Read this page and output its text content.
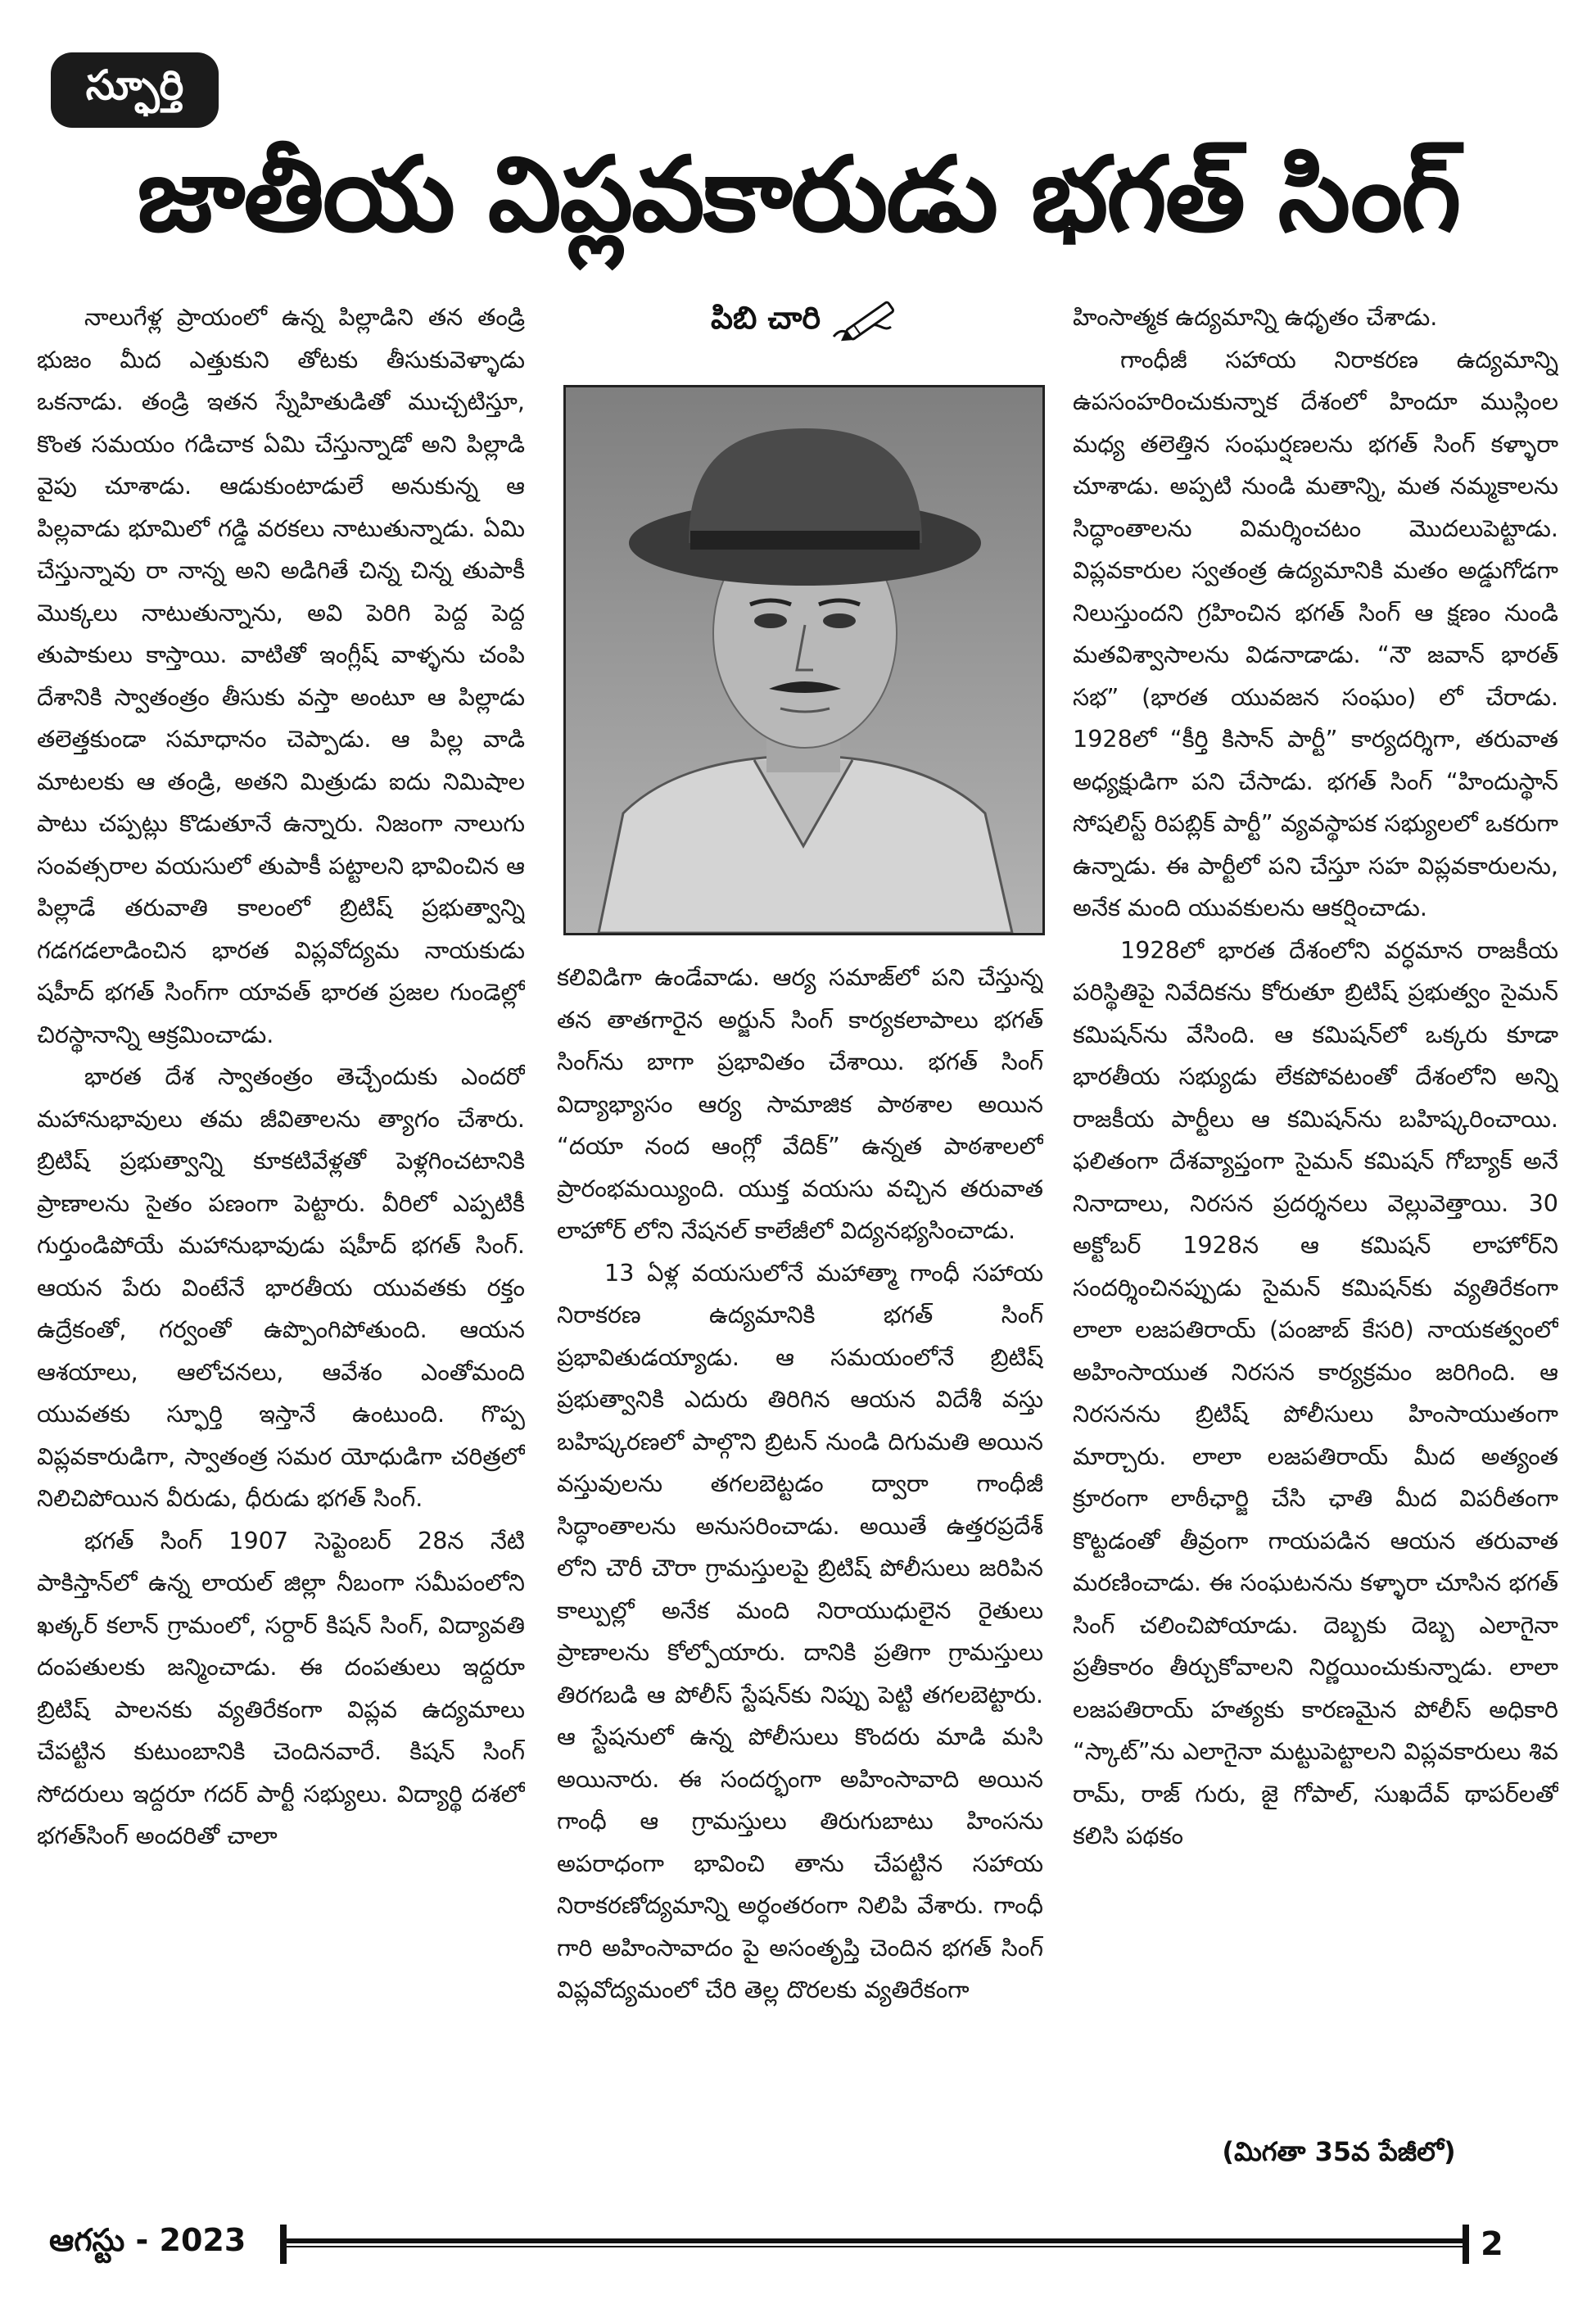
స్ఫూర్తి
జాతీయ విప్లవకారుడు భగత్ సింగ్
పిబి చారి

నాలుగేళ్ల ప్రాయంలో ఉన్న పిల్లాడిని తన తండ్రి భుజం మీద ఎత్తుకుని తోటకు తీసుకువెళ్ళాడు ఒకనాడు. తండ్రి ఇతన స్నేహితుడితో ముచ్చటిస్తూ, కొంత సమయం గడిచాక ఏమి చేస్తున్నాడో అని పిల్లాడి వైపు చూశాడు. ఆడుకుంటాడులే అనుకున్న ఆ పిల్లవాడు భూమిలో గడ్డి వరకలు నాటుతున్నాడు. ఏమి చేస్తున్నావు రా నాన్న అని అడిగితే చిన్న చిన్న తుపాకీ మొక్కలు నాటుతున్నాను, అవి పెరిగి పెద్ద పెద్ద తుపాకులు కాస్తాయి. వాటితో ఇంగ్లీష్ వాళ్ళను చంపి దేశానికి స్వాతంత్రం తీసుకు వస్తా అంటూ ఆ పిల్లాడు తలెత్తకుండా సమాధానం చెప్పాడు. ఆ పిల్ల వాడి మాటలకు ఆ తండ్రి, అతని మిత్రుడు ఐదు నిమిషాల పాటు చప్పట్లు కొడుతూనే ఉన్నారు. నిజంగా నాలుగు సంవత్సరాల వయసులో తుపాకీ పట్టాలని భావించిన ఆ పిల్లాడే తరువాతి కాలంలో బ్రిటిష్ ప్రభుత్వాన్ని గడగడలాడించిన భారత విప్లవోద్యమ నాయకుడు షహీద్ భగత్ సింగ్‌గా యావత్ భారత ప్రజల గుండెల్లో చిరస్థానాన్ని ఆక్రమించాడు.

భారత దేశ స్వాతంత్రం తెచ్చేందుకు ఎందరో మహానుభావులు తమ జీవితాలను త్యాగం చేశారు. బ్రిటిష్ ప్రభుత్వాన్ని కూకటివేళ్లతో పెళ్లగించటానికి ప్రాణాలను సైతం పణంగా పెట్టారు. వీరిలో ఎప్పటికీ గుర్తుండిపోయే మహానుభావుడు షహీద్ భగత్ సింగ్. ఆయన పేరు వింటేనే భారతీయ యువతకు రక్తం ఉద్రేకంతో, గర్వంతో ఉప్పొంగిపోతుంది. ఆయన ఆశయాలు, ఆలోచనలు, ఆవేశం ఎంతోమంది యువతకు స్ఫూర్తి ఇస్తానే ఉంటుంది. గొప్ప విప్లవకారుడిగా, స్వాతంత్ర సమర యోధుడిగా చరిత్రలో నిలిచిపోయిన వీరుడు, ధీరుడు భగత్ సింగ్.

భగత్ సింగ్ 1907 సెప్టెంబర్ 28న నేటి పాకిస్తాన్‌లో ఉన్న లాయల్ జిల్లా నీబంగా సమీపంలోని ఖత్కర్ కలాన్ గ్రామంలో, సర్దార్ కిషన్ సింగ్, విద్యావతి దంపతులకు జన్మించాడు. ఈ దంపతులు ఇద్దరూ బ్రిటిష్ పాలనకు వ్యతిరేకంగా విప్లవ ఉద్యమాలు చేపట్టిన కుటుంబానికి చెందినవారే. కిషన్ సింగ్ సోదరులు ఇద్దరూ గదర్ పార్టీ సభ్యులు. విద్యార్థి దశలో భగత్‌సింగ్ అందరితో చాలా

కలివిడిగా ఉండేవాడు. ఆర్య సమాజ్‌లో పని చేస్తున్న తన తాతగారైన అర్జున్ సింగ్ కార్యకలాపాలు భగత్ సింగ్‌ను బాగా ప్రభావితం చేశాయి. భగత్ సింగ్ విద్యాభ్యాసం ఆర్య సామాజిక పాఠశాల అయిన “దయా నంద ఆంగ్లో వేదిక్” ఉన్నత పాఠశాలలో ప్రారంభమయ్యింది. యుక్త వయసు వచ్చిన తరువాత లాహోర్ లోని నేషనల్ కాలేజీలో విద్యనభ్యసించాడు.

13 ఏళ్ల వయసులోనే మహాత్మా గాంధీ సహాయ నిరాకరణ ఉద్యమానికి భగత్ సింగ్ ప్రభావితుడయ్యాడు. ఆ సమయంలోనే బ్రిటిష్ ప్రభుత్వానికి ఎదురు తిరిగిన ఆయన విదేశీ వస్తు బహిష్కరణలో పాల్గొని బ్రిటన్ నుండి దిగుమతి అయిన వస్తువులను తగలబెట్టడం ద్వారా గాంధీజీ సిద్ధాంతాలను అనుసరించాడు. అయితే ఉత్తరప్రదేశ్ లోని చౌరీ చౌరా గ్రామస్తులపై బ్రిటిష్ పోలీసులు జరిపిన కాల్పుల్లో అనేక మంది నిరాయుధులైన రైతులు ప్రాణాలను కోల్పోయారు. దానికి ప్రతిగా గ్రామస్తులు తిరగబడి ఆ పోలీస్ స్టేషన్‌కు నిప్పు పెట్టి తగలబెట్టారు. ఆ స్టేషనులో ఉన్న పోలీసులు కొందరు మాడి మసి అయినారు. ఈ సందర్భంగా అహింసావాది అయిన గాంధీ ఆ గ్రామస్తులు తిరుగుబాటు హింసను అపరాధంగా భావించి తాను చేపట్టిన సహాయ నిరాకరణోద్యమాన్ని అర్ధంతరంగా నిలిపి వేశారు. గాంధీ గారి అహింసావాదం పై అసంతృప్తి చెందిన భగత్ సింగ్ విప్లవోద్యమంలో చేరి తెల్ల దొరలకు వ్యతిరేకంగా

హింసాత్మక ఉద్యమాన్ని ఉధృతం చేశాడు.

గాంధీజీ సహాయ నిరాకరణ ఉద్యమాన్ని ఉపసంహరించుకున్నాక దేశంలో హిందూ ముస్లింల మధ్య తలెత్తిన సంఘర్షణలను భగత్ సింగ్ కళ్ళారా చూశాడు. అప్పటి నుండి మతాన్ని, మత నమ్మకాలను సిద్ధాంతాలను విమర్శించటం మొదలుపెట్టాడు. విప్లవకారుల స్వతంత్ర ఉద్యమానికి మతం అడ్డుగోడగా నిలుస్తుందని గ్రహించిన భగత్ సింగ్ ఆ క్షణం నుండి మతవిశ్వాసాలను విడనాడాడు. “నౌ జవాన్ భారత్ సభ” (భారత యువజన సంఘం) లో చేరాడు. 1928లో “కీర్తి కిసాన్ పార్టీ” కార్యదర్శిగా, తరువాత అధ్యక్షుడిగా పని చేసాడు. భగత్ సింగ్ “హిందుస్థాన్ సోషలిస్ట్ రిపబ్లిక్ పార్టీ” వ్యవస్థాపక సభ్యులలో ఒకరుగా ఉన్నాడు. ఈ పార్టీలో పని చేస్తూ సహ విప్లవకారులను, అనేక మంది యువకులను ఆకర్షించాడు.

1928లో భారత దేశంలోని వర్ధమాన రాజకీయ పరిస్థితిపై నివేదికను కోరుతూ బ్రిటిష్ ప్రభుత్వం సైమన్ కమిషన్‌ను వేసింది. ఆ కమిషన్‌లో ఒక్కరు కూడా భారతీయ సభ్యుడు లేకపోవటంతో దేశంలోని అన్ని రాజకీయ పార్టీలు ఆ కమిషన్‌ను బహిష్కరించాయి. ఫలితంగా దేశవ్యాప్తంగా సైమన్ కమిషన్ గోబ్యాక్ అనే నినాదాలు, నిరసన ప్రదర్శనలు వెల్లువెత్తాయి. 30 అక్టోబర్ 1928న ఆ కమిషన్ లాహోర్‌ని సందర్శించినప్పుడు సైమన్ కమిషన్‌కు వ్యతిరేకంగా లాలా లజపతిరాయ్ (పంజాబ్ కేసరి) నాయకత్వంలో అహింసాయుత నిరసన కార్యక్రమం జరిగింది. ఆ నిరసనను బ్రిటిష్ పోలీసులు హింసాయుతంగా మార్చారు. లాలా లజపతిరాయ్ మీద అత్యంత క్రూరంగా లాఠీఛార్జి చేసి ఛాతి మీద విపరీతంగా కొట్టడంతో తీవ్రంగా గాయపడిన ఆయన తరువాత మరణించాడు. ఈ సంఘటనను కళ్ళారా చూసిన భగత్ సింగ్ చలించిపోయాడు. దెబ్బకు దెబ్బ ఎలాగైనా ప్రతీకారం తీర్చుకోవాలని నిర్ణయించుకున్నాడు. లాలా లజపతిరాయ్ హత్యకు కారణమైన పోలీస్ అధికారి “స్కాట్”ను ఎలాగైనా మట్టుపెట్టాలని విప్లవకారులు శివ రామ్, రాజ్ గురు, జై గోపాల్, సుఖదేవ్ థాపర్‌లతో కలిసి పథకం

(మిగతా 35వ పేజీలో)
ఆగస్టు - 2023	2
